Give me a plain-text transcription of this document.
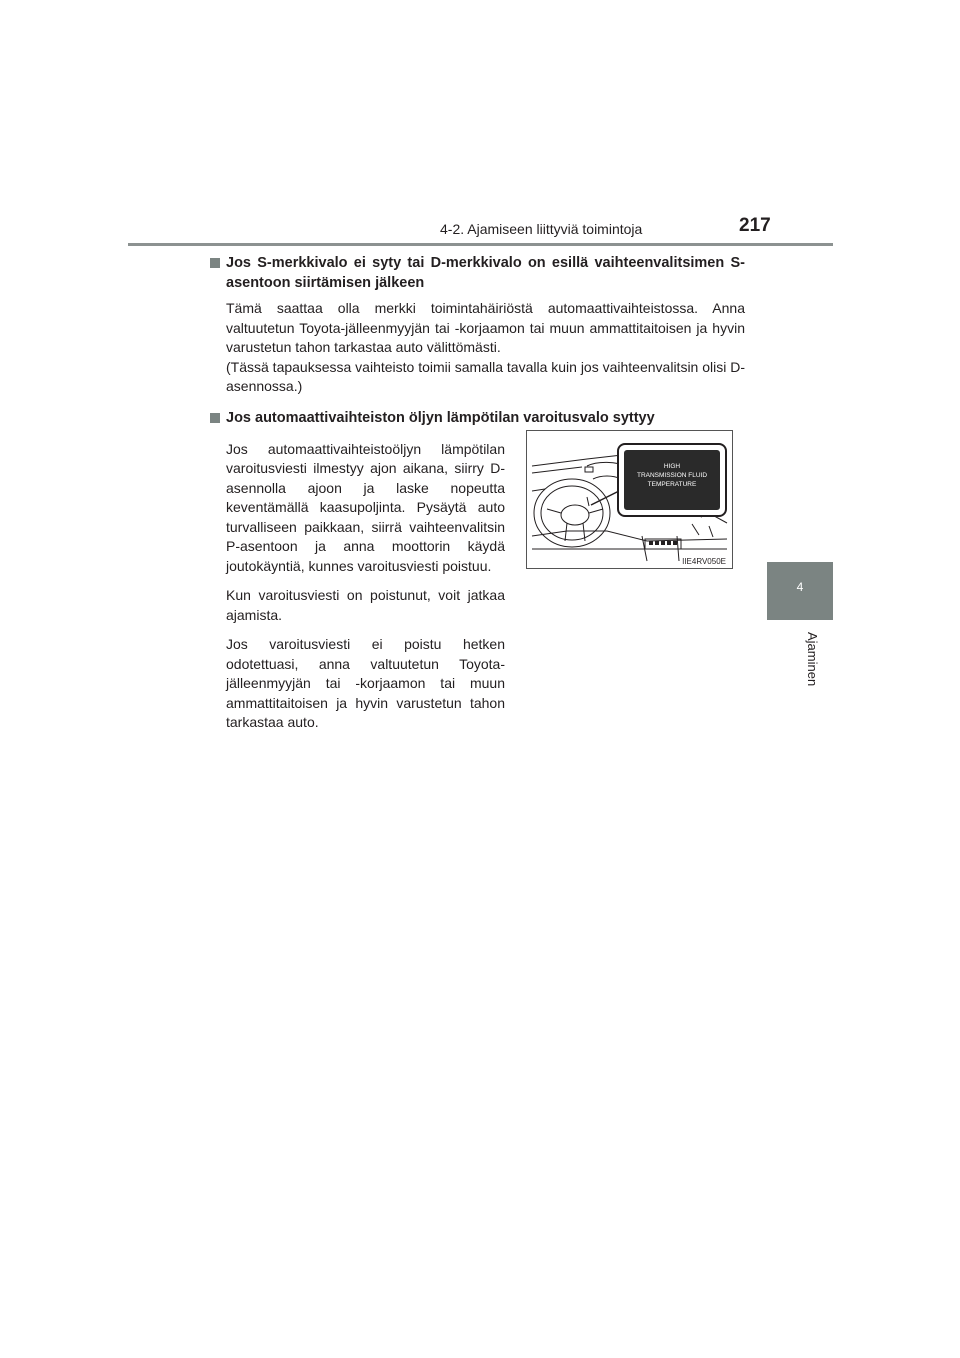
4-2. Ajamiseen liittyviä toimintoja	217
4
Ajaminen

Jos S-merkkivalo ei syty tai D-merkkivalo on esillä vaihteenvalitsimen S-asentoon siirtämisen jälkeen

Tämä saattaa olla merkki toimintahäiriöstä automaattivaihteistossa. Anna valtuutetun Toyota-jälleenmyyjän tai -korjaamon tai muun ammattitaitoisen ja hyvin varustetun tahon tarkastaa auto välittömästi.

(Tässä tapauksessa vaihteisto toimii samalla tavalla kuin jos vaihteenvalitsin olisi D-asennossa.)

Jos automaattivaihteiston öljyn lämpötilan varoitusvalo syttyy

Jos automaattivaihteistoöljyn lämpötilan varoitusviesti ilmestyy ajon aikana, siirry D-asennolla ajoon ja laske nopeutta keventämällä kaasupoljinta. Pysäytä auto turvalliseen paikkaan, siirrä vaihteenvalitsin P-asentoon ja anna moottorin käydä joutokäyntiä, kunnes varoitusviesti poistuu.

Kun varoitusviesti on poistunut, voit jatkaa ajamista.

Jos varoitusviesti ei poistu hetken odotettuasi, anna valtuutetun Toyota-jälleenmyyjän tai -korjaamon tai muun ammattitaitoisen ja hyvin varustetun tahon tarkastaa auto.

HIGH
TRANSMISSION FLUID
TEMPERATURE
IIE4RV050E
